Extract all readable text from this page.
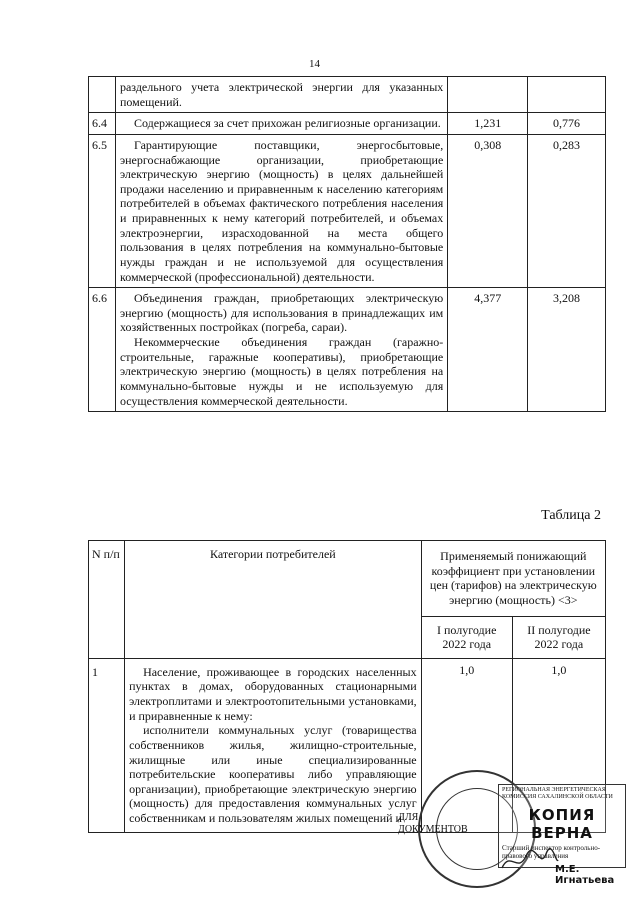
14

	раздельного учета электрической энергии для указанных помещений.		

6.4	Содержащиеся за счет прихожан религиозные организации.	1,231	0,776
6.5	Гарантирующие поставщики, энергосбытовые, энергоснабжающие организации, приобретающие электрическую энергию (мощность) в целях дальнейшей продажи населению и приравненным к населению категориям потребителей в объемах фактического потребления населения и приравненных к нему категорий потребителей, и объемах электроэнергии, израсходованной на места общего пользования в целях потребления на коммунально-бытовые нужды граждан и не используемой для осуществления коммерческой (профессиональной) деятельности.	0,308	0,283
6.6	Объединения граждан, приобретающих электрическую энергию (мощность) для использования в принадлежащих им хозяйственных постройках (погреба, сараи).
Некоммерческие объединения граждан (гаражно-строительные, гаражные кооперативы), приобретающие электрическую энергию (мощность) в целях потребления на коммунально-бытовые нужды и не используемую для осуществления коммерческой деятельности.	4,377	3,208
Таблица 2
N п/п	Категории потребителей	Применяемый понижающий коэффициент при установлении цен (тарифов) на электрическую энергию (мощность) <3>	
		I полугодие 2022 года	II полугодие 2022 года
1	Население, проживающее в городских населенных пунктах в домах, оборудованных стационарными электроплитами и электроотопительными установками, и приравненные к нему:
исполнители коммунальных услуг (товарищества собственников жилья, жилищно-строительные, жилищные или иные специализированные потребительские кооперативы либо управляющие организации), приобретающие электрическую энергию (мощность) для предоставления коммунальных услуг собственникам и пользователям жилых помещений и	1,0	1,0
ДЛЯ
ДОКУМЕНТОВ
РЕГИОНАЛЬНАЯ ЭНЕРГЕТИЧЕСКАЯ КОМИССИЯ САХАЛИНСКОЙ ОБЛАСТИ
КОПИЯ ВЕРНА
Старший инспектор контрольно-правового управления
М.Е. Игнатьева
